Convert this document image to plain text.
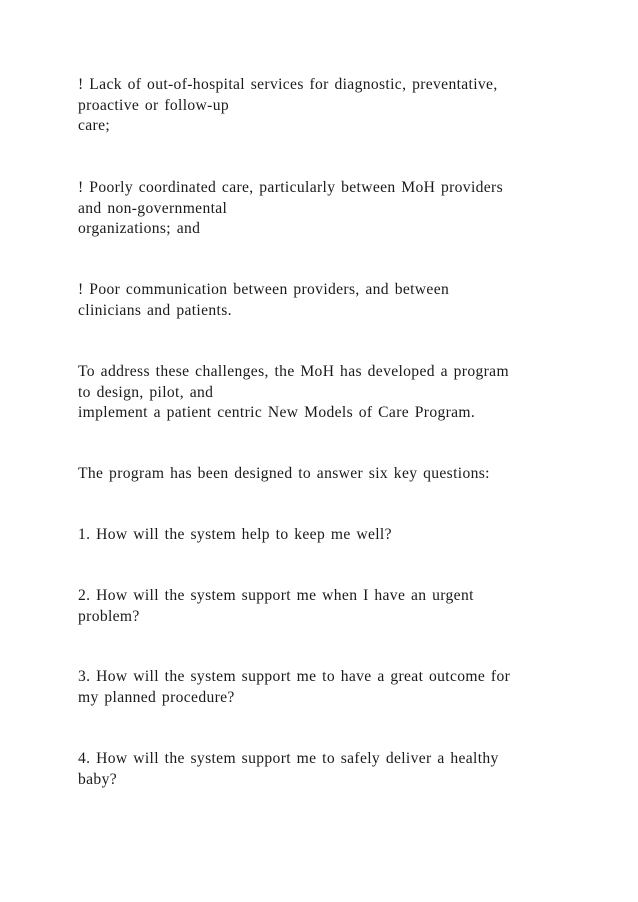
! Lack of out-of-hospital services for diagnostic, preventative,
proactive or follow-up
care;
! Poorly coordinated care, particularly between MoH providers
and non-governmental
organizations; and
! Poor communication between providers, and between
clinicians and patients.
To address these challenges, the MoH has developed a program
to design, pilot, and
implement a patient centric New Models of Care Program.
The program has been designed to answer six key questions:
1. How will the system help to keep me well?
2. How will the system support me when I have an urgent
problem?
3. How will the system support me to have a great outcome for
my planned procedure?
4. How will the system support me to safely deliver a healthy
baby?
